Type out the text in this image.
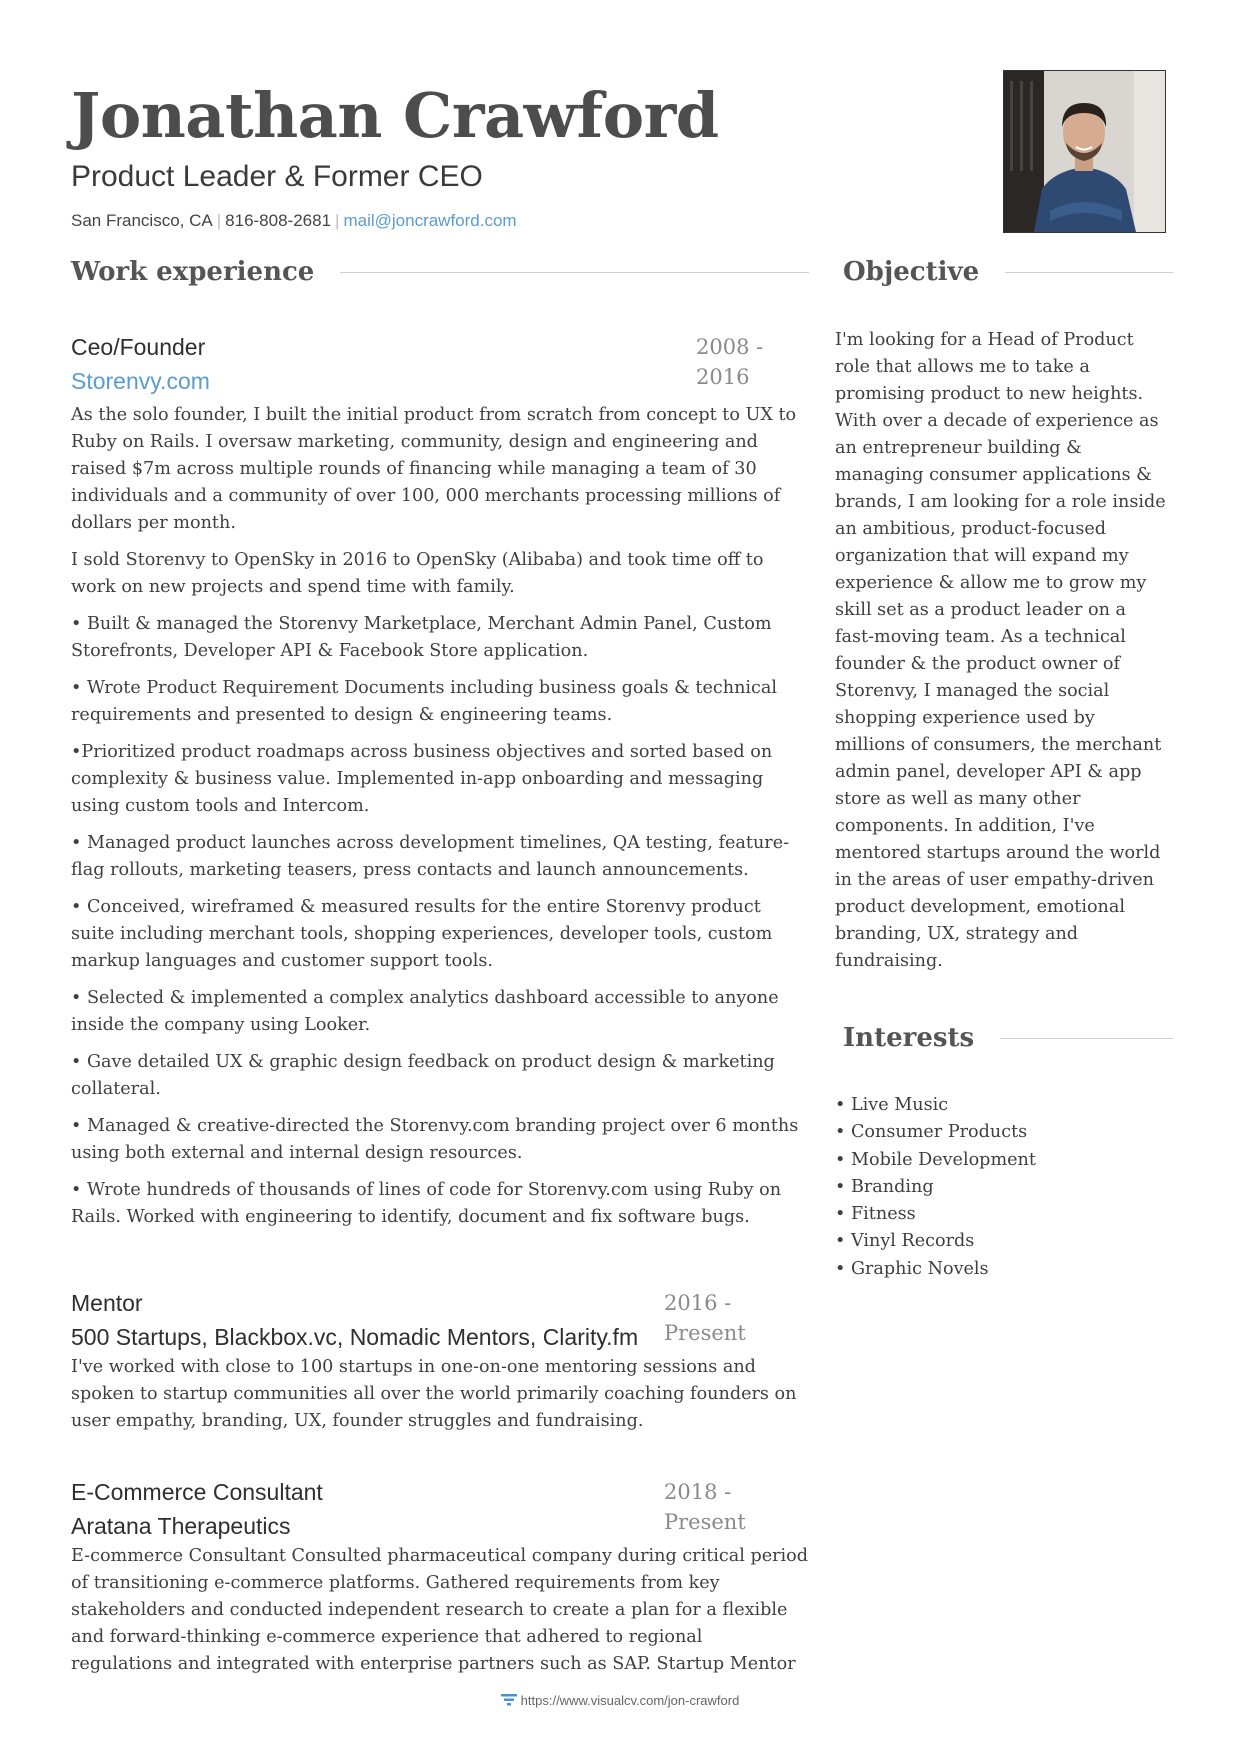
Jonathan Crawford
Product Leader & Former CEO
San Francisco, CA | 816-808-2681 | mail@joncrawford.com
Work experience	Objective
Ceo/Founder	2008 -
2016
Storenvy.com

As the solo founder, I built the initial product from scratch from concept to UX to Ruby on Rails. I oversaw marketing, community, design and engineering and raised $7m across multiple rounds of financing while managing a team of 30 individuals and a community of over 100, 000 merchants processing millions of dollars per month.

I sold Storenvy to OpenSky in 2016 to OpenSky (Alibaba) and took time off to work on new projects and spend time with family.

• Built & managed the Storenvy Marketplace, Merchant Admin Panel, Custom Storefronts, Developer API & Facebook Store application.

• Wrote Product Requirement Documents including business goals & technical requirements and presented to design & engineering teams.

•Prioritized product roadmaps across business objectives and sorted based on complexity & business value. Implemented in-app onboarding and messaging using custom tools and Intercom.

• Managed product launches across development timelines, QA testing, feature-flag rollouts, marketing teasers, press contacts and launch announcements.

• Conceived, wireframed & measured results for the entire Storenvy product suite including merchant tools, shopping experiences, developer tools, custom markup languages and customer support tools.

• Selected & implemented a complex analytics dashboard accessible to anyone inside the company using Looker.

• Gave detailed UX & graphic design feedback on product design & marketing collateral.

• Managed & creative-directed the Storenvy.com branding project over 6 months using both external and internal design resources.

• Wrote hundreds of thousands of lines of code for Storenvy.com using Ruby on Rails. Worked with engineering to identify, document and fix software bugs.

Mentor	2016 -
Present
500 Startups, Blackbox.vc, Nomadic Mentors, Clarity.fm

I've worked with close to 100 startups in one-on-one mentoring sessions and spoken to startup communities all over the world primarily coaching founders on user empathy, branding, UX, founder struggles and fundraising.

E-Commerce Consultant	2018 -
Present
Aratana Therapeutics

E-commerce Consultant Consulted pharmaceutical company during critical period of transitioning e-commerce platforms. Gathered requirements from key stakeholders and conducted independent research to create a plan for a flexible and forward-thinking e-commerce experience that adhered to regional regulations and integrated with enterprise partners such as SAP. Startup Mentor

I'm looking for a Head of Product role that allows me to take a promising product to new heights. With over a decade of experience as an entrepreneur building & managing consumer applications & brands, I am looking for a role inside an ambitious, product-focused organization that will expand my experience & allow me to grow my skill set as a product leader on a fast-moving team. As a technical founder & the product owner of Storenvy, I managed the social shopping experience used by millions of consumers, the merchant admin panel, developer API & app store as well as many other components. In addition, I've mentored startups around the world in the areas of user empathy-driven product development, emotional branding, UX, strategy and fundraising.
Interests
• Live Music
• Consumer Products
• Mobile Development
• Branding
• Fitness
• Vinyl Records
• Graphic Novels
https://www.visualcv.com/jon-crawford
